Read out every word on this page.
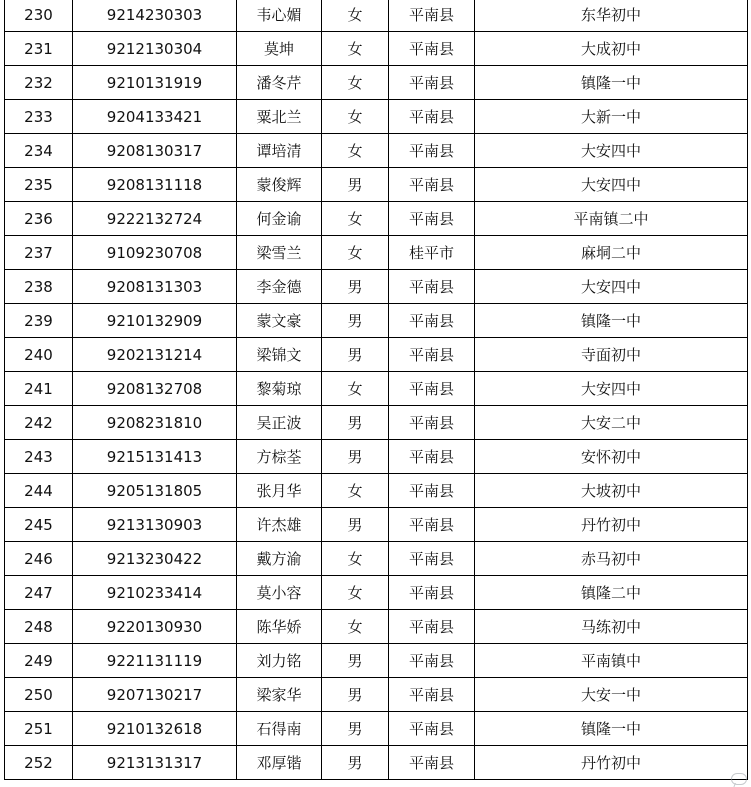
230	9214230303	韦心媚	女	平南县	东华初中
231	9212130304	莫坤	女	平南县	大成初中
232	9210131919	潘冬芹	女	平南县	镇隆一中
233	9204133421	粟北兰	女	平南县	大新一中
234	9208130317	谭培清	女	平南县	大安四中
235	9208131118	蒙俊辉	男	平南县	大安四中
236	9222132724	何金谕	女	平南县	平南镇二中
237	9109230708	梁雪兰	女	桂平市	麻垌二中
238	9208131303	李金德	男	平南县	大安四中
239	9210132909	蒙文豪	男	平南县	镇隆一中
240	9202131214	梁锦文	男	平南县	寺面初中
241	9208132708	黎菊琼	女	平南县	大安四中
242	9208231810	吴正波	男	平南县	大安二中
243	9215131413	方棕荃	男	平南县	安怀初中
244	9205131805	张月华	女	平南县	大坡初中
245	9213130903	许杰雄	男	平南县	丹竹初中
246	9213230422	戴方渝	女	平南县	赤马初中
247	9210233414	莫小容	女	平南县	镇隆二中
248	9220130930	陈华娇	女	平南县	马练初中
249	9221131119	刘力铭	男	平南县	平南镇中
250	9207130217	梁家华	男	平南县	大安一中
251	9210132618	石得南	男	平南县	镇隆一中
252	9213131317	邓厚锴	男	平南县	丹竹初中
